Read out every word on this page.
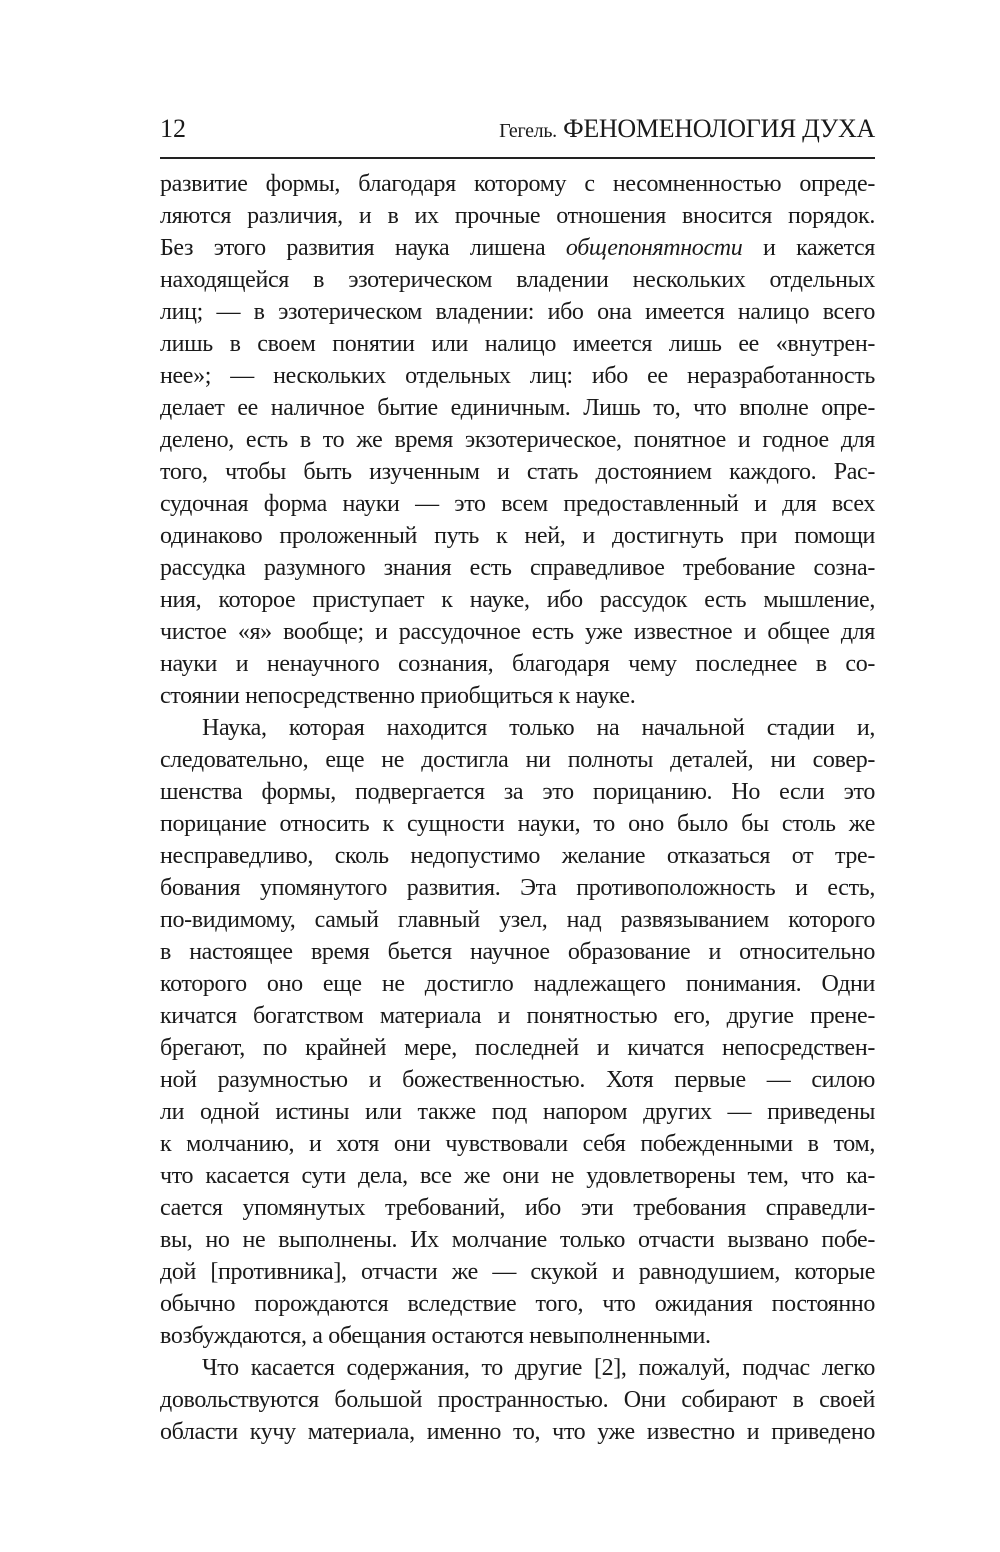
12	Гегель. ФЕНОМЕНОЛОГИЯ ДУХА
развитие формы, благодаря которому с несомненностью опреде-
ляются различия, и в их прочные отношения вносится порядок.
Без этого развития наука лишена общепонятности и кажется
находящейся в эзотерическом владении нескольких отдельных
лиц; — в эзотерическом владении: ибо она имеется налицо всего
лишь в своем понятии или налицо имеется лишь ее «внутрен-
нее»; — нескольких отдельных лиц: ибо ее неразработанность
делает ее наличное бытие единичным. Лишь то, что вполне опре-
делено, есть в то же время экзотерическое, понятное и годное для
того, чтобы быть изученным и стать достоянием каждого. Рас-
судочная форма науки — это всем предоставленный и для всех
одинаково проложенный путь к ней, и достигнуть при помощи
рассудка разумного знания есть справедливое требование созна-
ния, которое приступает к науке, ибо рассудок есть мышление,
чистое «я» вообще; и рассудочное есть уже известное и общее для
науки и ненаучного сознания, благодаря чему последнее в со-
стоянии непосредственно приобщиться к науке.
Наука, которая находится только на начальной стадии и,
следовательно, еще не достигла ни полноты деталей, ни совер-
шенства формы, подвергается за это порицанию. Но если это
порицание относить к сущности науки, то оно было бы столь же
несправедливо, сколь недопустимо желание отказаться от тре-
бования упомянутого развития. Эта противоположность и есть,
по-видимому, самый главный узел, над развязыванием которого
в настоящее время бьется научное образование и относительно
которого оно еще не достигло надлежащего понимания. Одни
кичатся богатством материала и понятностью его, другие прене-
брегают, по крайней мере, последней и кичатся непосредствен-
ной разумностью и божественностью. Хотя первые — силою
ли одной истины или также под напором других — приведены
к молчанию, и хотя они чувствовали себя побежденными в том,
что касается сути дела, все же они не удовлетворены тем, что ка-
сается упомянутых требований, ибо эти требования справедли-
вы, но не выполнены. Их молчание только отчасти вызвано побе-
дой [противника], отчасти же — скукой и равнодушием, которые
обычно порождаются вследствие того, что ожидания постоянно
возбуждаются, а обещания остаются невыполненными.
Что касается содержания, то другие [2], пожалуй, подчас легко
довольствуются большой пространностью. Они собирают в своей
области кучу материала, именно то, что уже известно и приведено
